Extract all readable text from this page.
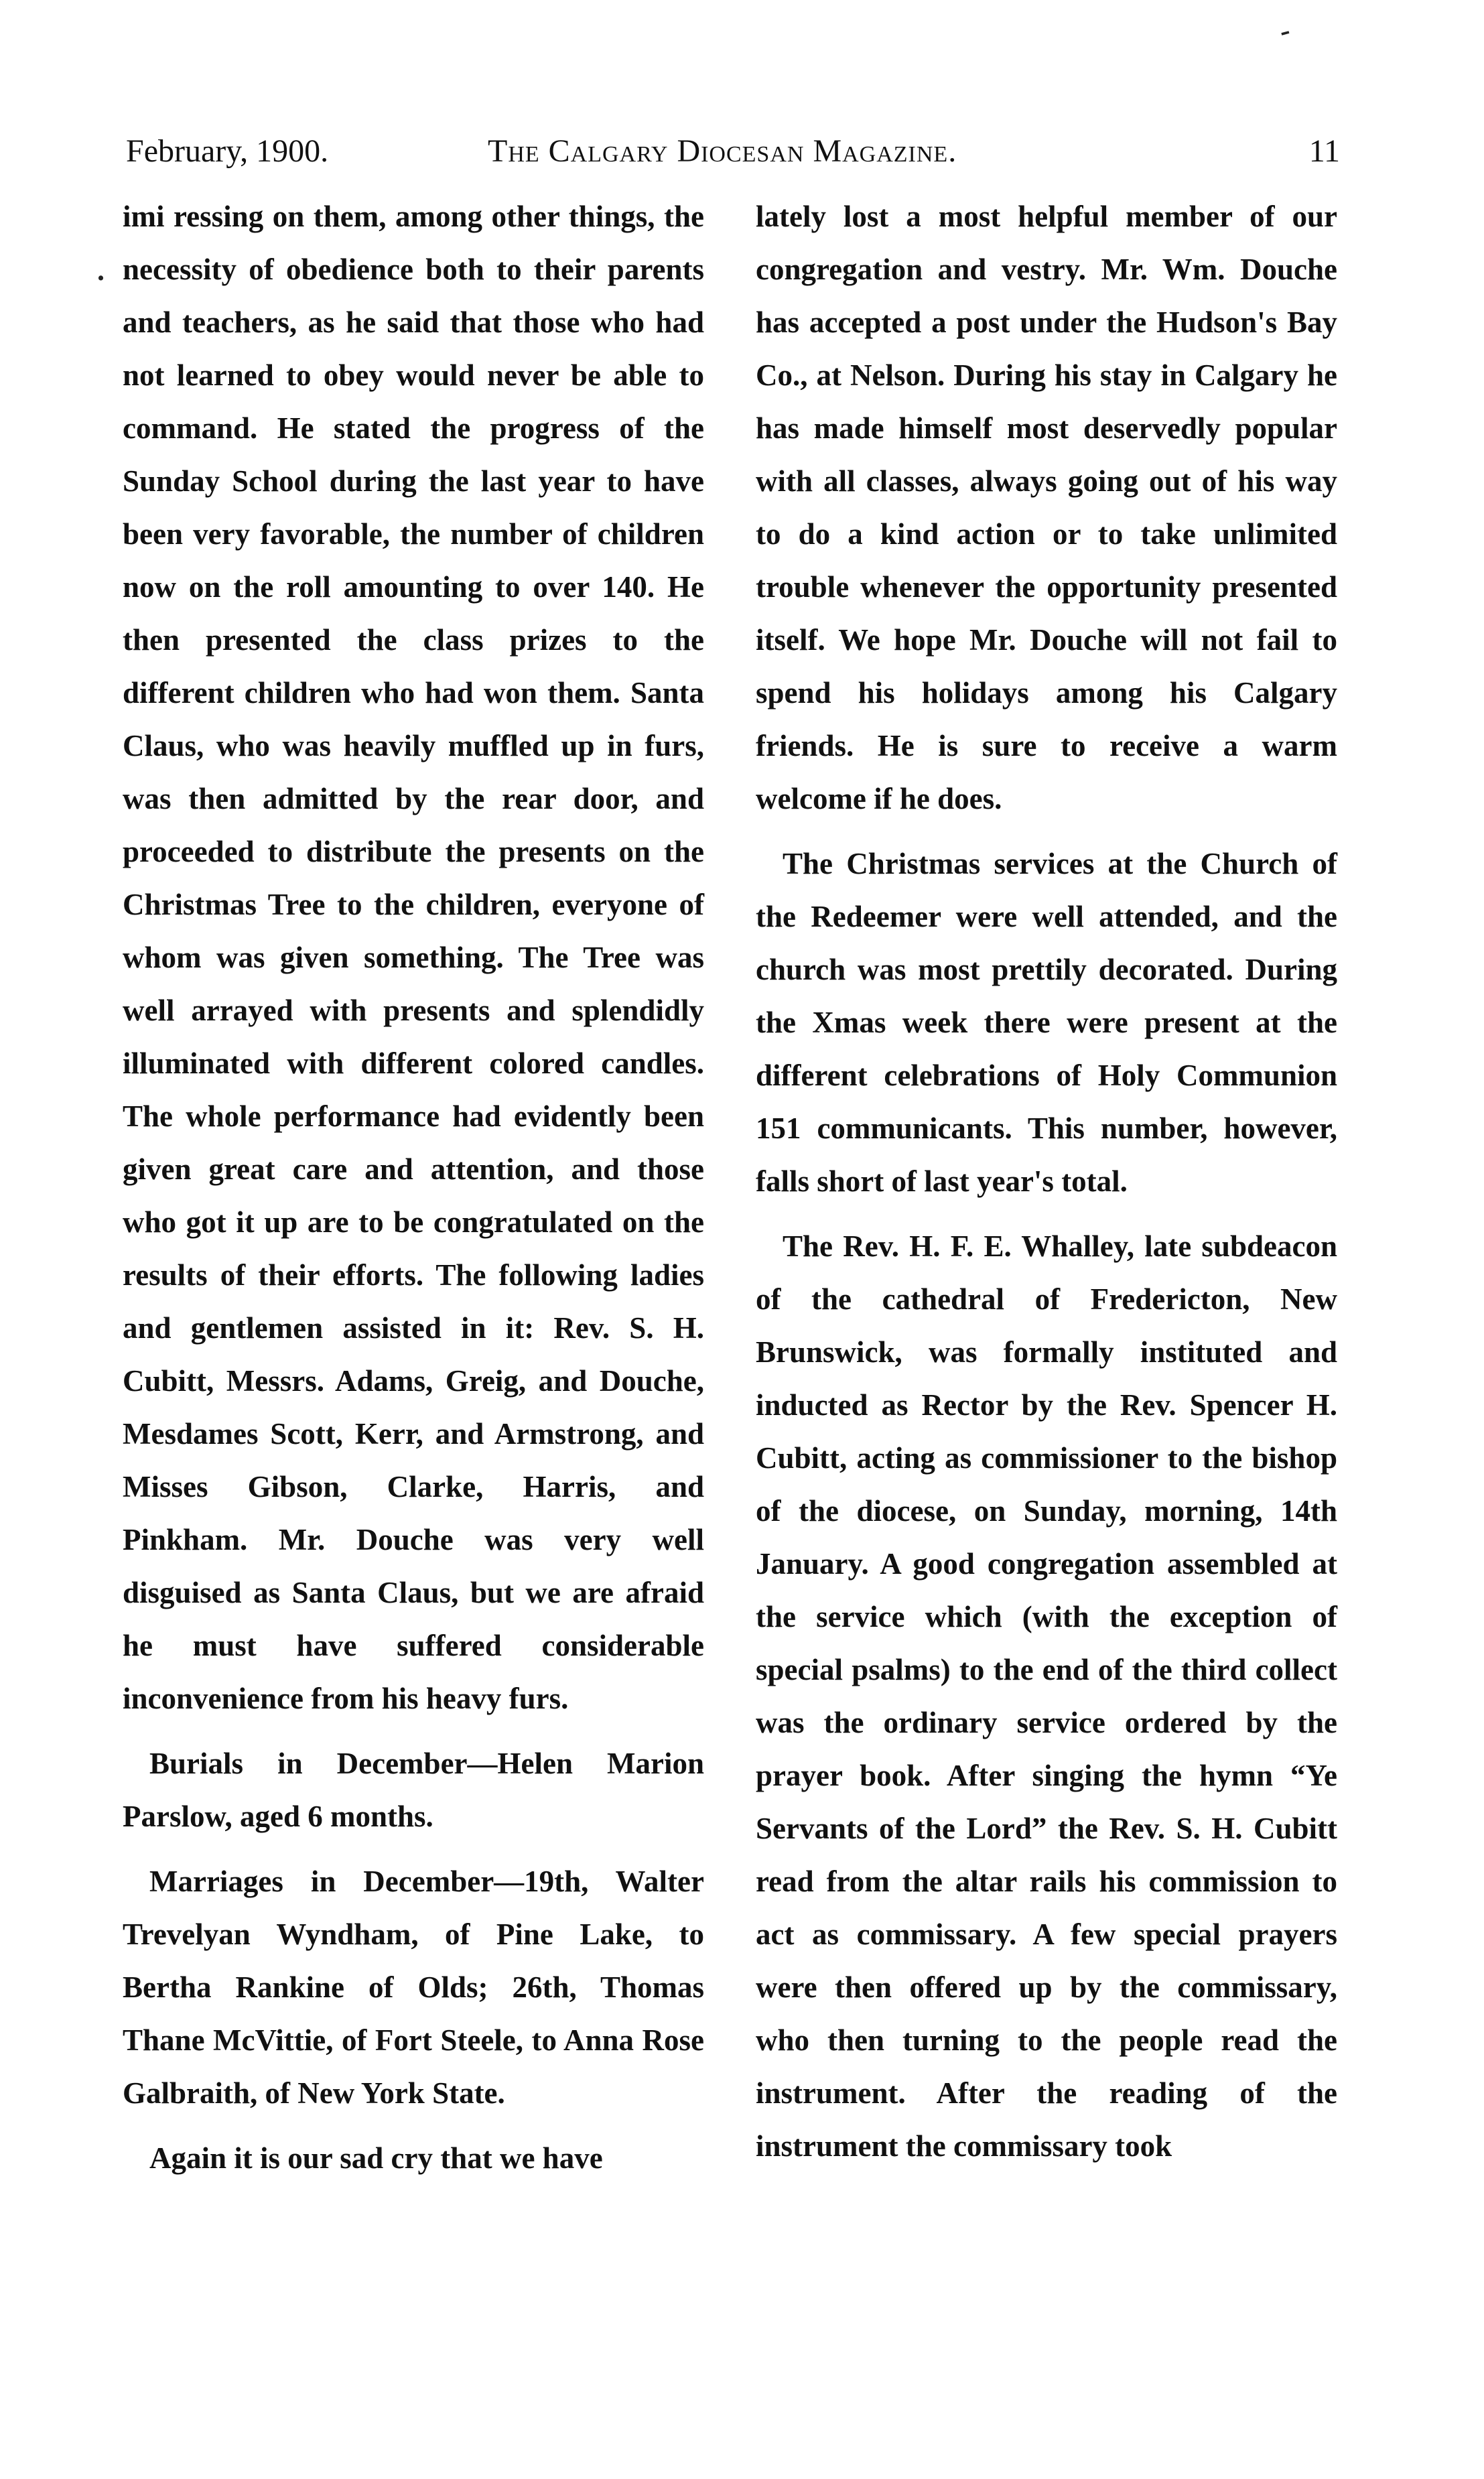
-
February, 1900.	The Calgary Diocesan Magazine.	11
.

imi ressing on them, among other things, the necessity of obedience both to their parents and teachers, as he said that those who had not learned to obey would never be able to command. He stated the progress of the Sunday School during the last year to have been very favorable, the number of children now on the roll amounting to over 140. He then presented the class prizes to the different children who had won them. Santa Claus, who was heavily muffled up in furs, was then admitted by the rear door, and proceeded to distribute the presents on the Christmas Tree to the children, everyone of whom was given something. The Tree was well arrayed with presents and splendidly illuminated with different colored candles. The whole performance had evidently been given great care and attention, and those who got it up are to be congratulated on the results of their efforts. The following ladies and gentlemen assisted in it: Rev. S. H. Cubitt, Messrs. Adams, Greig, and Douche, Mesdames Scott, Kerr, and Armstrong, and Misses Gibson, Clarke, Harris, and Pinkham. Mr. Douche was very well disguised as Santa Claus, but we are afraid he must have suffered considerable inconvenience from his heavy furs.

Burials in December—Helen Marion Parslow, aged 6 months.

Marriages in December—19th, Walter Trevelyan Wyndham, of Pine Lake, to Bertha Rankine of Olds; 26th, Thomas Thane McVittie, of Fort Steele, to Anna Rose Galbraith, of New York State.

Again it is our sad cry that we have

lately lost a most helpful member of our congregation and vestry. Mr. Wm. Douche has accepted a post under the Hudson's Bay Co., at Nelson. During his stay in Calgary he has made himself most deservedly popular with all classes, always going out of his way to do a kind action or to take unlimited trouble whenever the opportunity presented itself. We hope Mr. Douche will not fail to spend his holidays among his Calgary friends. He is sure to receive a warm welcome if he does.

The Christmas services at the Church of the Redeemer were well attended, and the church was most prettily decorated. During the Xmas week there were present at the different celebrations of Holy Communion 151 communicants. This number, however, falls short of last year's total.

The Rev. H. F. E. Whalley, late subdeacon of the cathedral of Fredericton, New Brunswick, was formally instituted and inducted as Rector by the Rev. Spencer H. Cubitt, acting as commissioner to the bishop of the diocese, on Sunday, morning, 14th January. A good congregation assembled at the service which (with the exception of special psalms) to the end of the third collect was the ordinary service ordered by the prayer book. After singing the hymn “Ye Servants of the Lord” the Rev. S. H. Cubitt read from the altar rails his commission to act as commissary. A few special prayers were then offered up by the commissary, who then turning to the people read the instrument. After the reading of the instrument the commissary took
